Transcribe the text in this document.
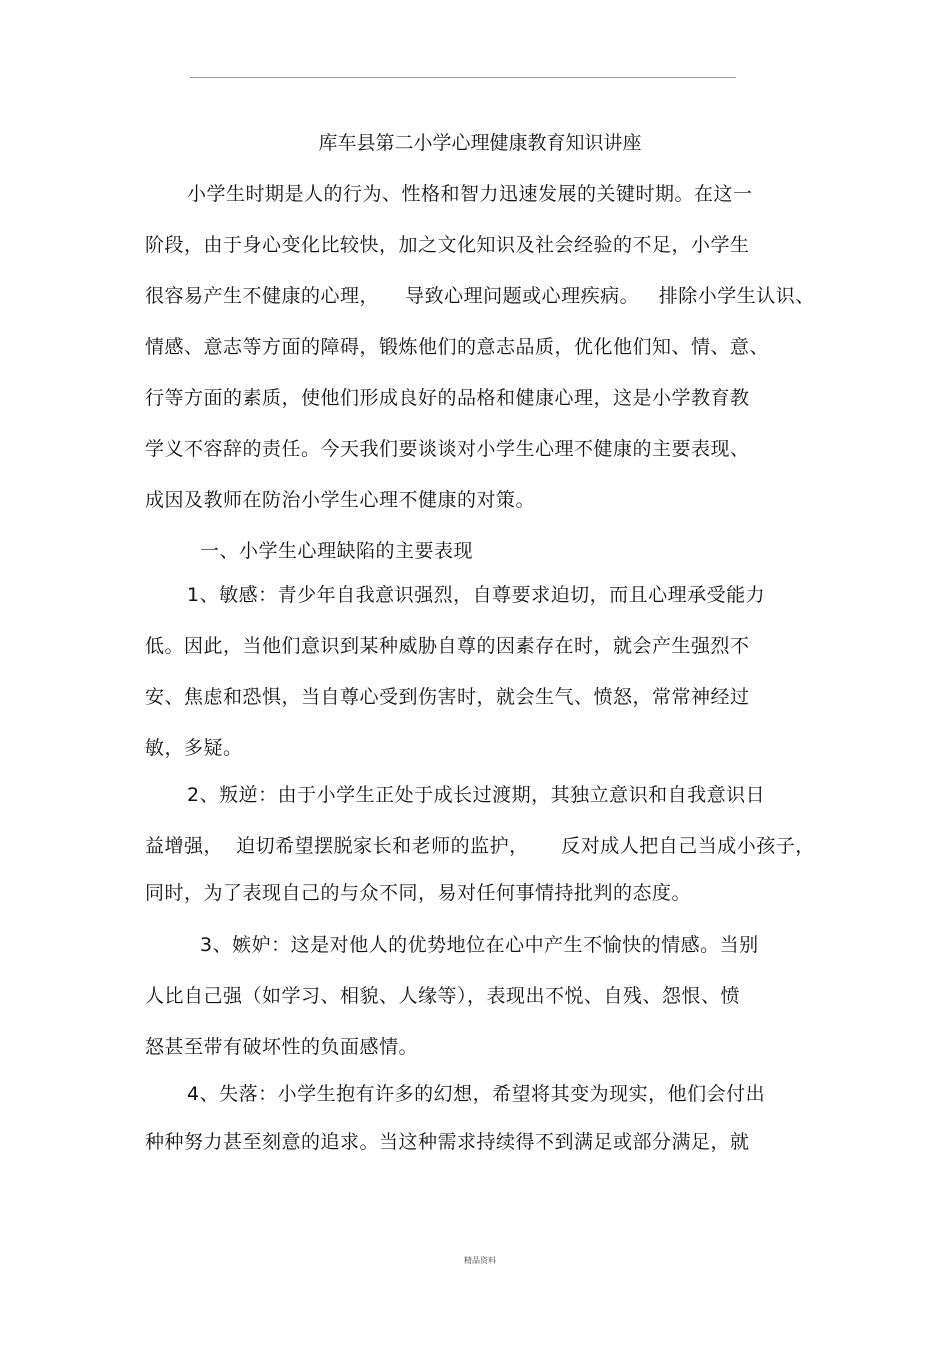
库车县第二小学心理健康教育知识讲座
小学生时期是人的行为、性格和智力迅速发展的关键时期。在这一
阶段，由于身心变化比较快，加之文化知识及社会经验的不足，小学生
很容易产生不健康的心理，    导致心理问题或心理疾病。   排除小学生认识、
情感、意志等方面的障碍，锻炼他们的意志品质，优化他们知、情、意、
行等方面的素质，使他们形成良好的品格和健康心理，这是小学教育教
学义不容辞的责任。今天我们要谈谈对小学生心理不健康的主要表现、
成因及教师在防治小学生心理不健康的对策。
一、小学生心理缺陷的主要表现
1、敏感：青少年自我意识强烈，自尊要求迫切，而且心理承受能力
低。因此，当他们意识到某种威胁自尊的因素存在时，就会产生强烈不
安、焦虑和恐惧，当自尊心受到伤害时，就会生气、愤怒，常常神经过
敏，多疑。
2、叛逆：由于小学生正处于成长过渡期，其独立意识和自我意识日
益增强，  迫切希望摆脱家长和老师的监护，     反对成人把自己当成小孩子，
同时，为了表现自己的与众不同，易对任何事情持批判的态度。
3、嫉妒：这是对他人的优势地位在心中产生不愉快的情感。当别
人比自己强（如学习、相貌、人缘等），表现出不悦、自残、怨恨、愤
怒甚至带有破坏性的负面感情。
4、失落：小学生抱有许多的幻想，希望将其变为现实，他们会付出
种种努力甚至刻意的追求。当这种需求持续得不到满足或部分满足，就
精品资料
